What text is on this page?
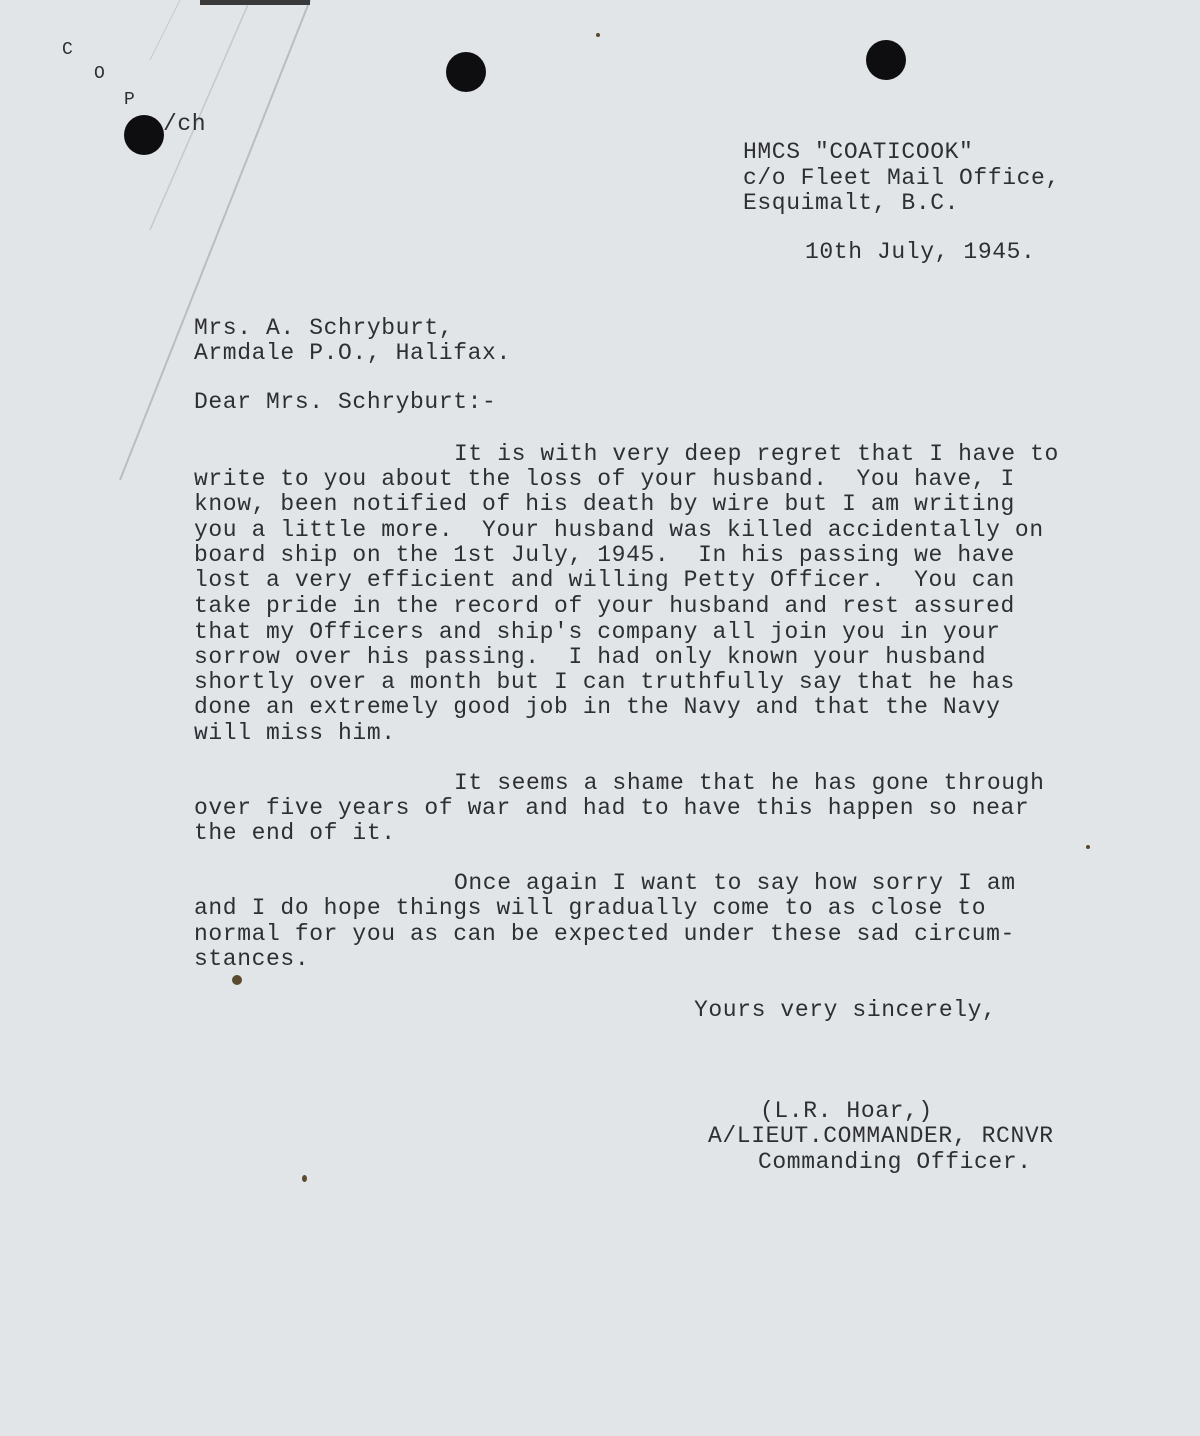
C
O
P
/ch
HMCS "COATICOOK"
c/o Fleet Mail Office,
Esquimalt, B.C.
10th July, 1945.
Mrs. A. Schryburt,
Armdale P.O., Halifax.
Dear Mrs. Schryburt:-
It is with very deep regret that I have to
write to you about the loss of your husband.  You have, I
know, been notified of his death by wire but I am writing
you a little more.  Your husband was killed accidentally on
board ship on the 1st July, 1945.  In his passing we have
lost a very efficient and willing Petty Officer.  You can
take pride in the record of your husband and rest assured
that my Officers and ship's company all join you in your
sorrow over his passing.  I had only known your husband
shortly over a month but I can truthfully say that he has
done an extremely good job in the Navy and that the Navy
will miss him.
It seems a shame that he has gone through
over five years of war and had to have this happen so near
the end of it.
Once again I want to say how sorry I am
and I do hope things will gradually come to as close to
normal for you as can be expected under these sad circum-
stances.
Yours very sincerely,
(L.R. Hoar,)
A/LIEUT.COMMANDER, RCNVR
Commanding Officer.
